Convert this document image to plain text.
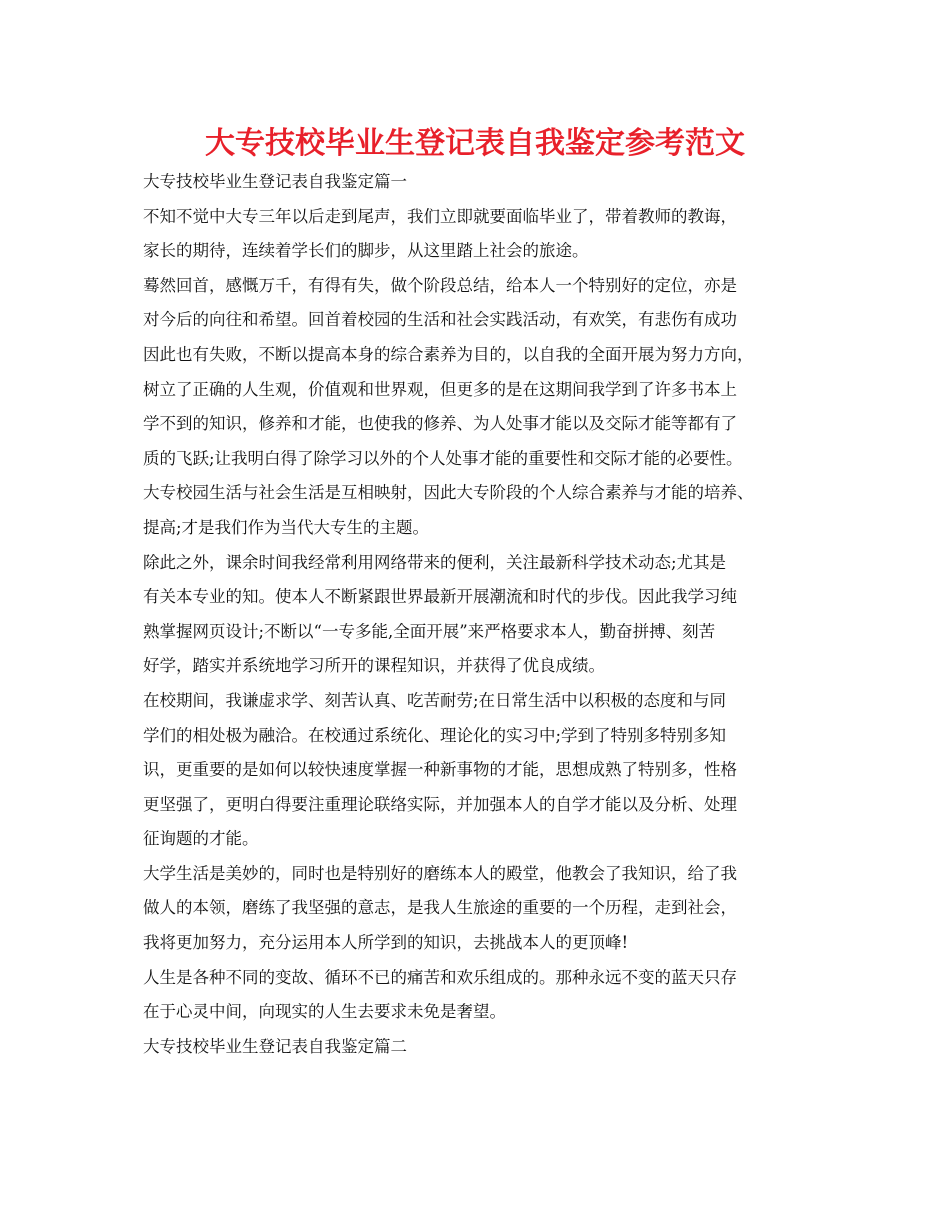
大专技校毕业生登记表自我鉴定参考范文
大专技校毕业生登记表自我鉴定篇一
不知不觉中大专三年以后走到尾声，我们立即就要面临毕业了，带着教师的教诲，
家长的期待，连续着学长们的脚步，从这里踏上社会的旅途。
蓦然回首，感慨万千，有得有失，做个阶段总结，给本人一个特别好的定位，亦是
对今后的向往和希望。回首着校园的生活和社会实践活动，有欢笑，有悲伤有成功
因此也有失败，不断以提高本身的综合素养为目的，以自我的全面开展为努力方向，
树立了正确的人生观，价值观和世界观，但更多的是在这期间我学到了许多书本上
学不到的知识，修养和才能，也使我的修养、为人处事才能以及交际才能等都有了
质的飞跃;让我明白得了除学习以外的个人处事才能的重要性和交际才能的必要性。
大专校园生活与社会生活是互相映射，因此大专阶段的个人综合素养与才能的培养、
提高;才是我们作为当代大专生的主题。
除此之外，课余时间我经常利用网络带来的便利，关注最新科学技术动态;尤其是
有关本专业的知。使本人不断紧跟世界最新开展潮流和时代的步伐。因此我学习纯
熟掌握网页设计;不断以“一专多能,全面开展”来严格要求本人，勤奋拼搏、刻苦
好学，踏实并系统地学习所开的课程知识，并获得了优良成绩。
在校期间，我谦虚求学、刻苦认真、吃苦耐劳;在日常生活中以积极的态度和与同
学们的相处极为融洽。在校通过系统化、理论化的实习中;学到了特别多特别多知
识，更重要的是如何以较快速度掌握一种新事物的才能，思想成熟了特别多，性格
更坚强了，更明白得要注重理论联络实际，并加强本人的自学才能以及分析、处理
征询题的才能。
大学生活是美妙的，同时也是特别好的磨练本人的殿堂，他教会了我知识，给了我
做人的本领，磨练了我坚强的意志，是我人生旅途的重要的一个历程，走到社会，
我将更加努力，充分运用本人所学到的知识，去挑战本人的更顶峰!
人生是各种不同的变故、循环不已的痛苦和欢乐组成的。那种永远不变的蓝天只存
在于心灵中间，向现实的人生去要求未免是奢望。
大专技校毕业生登记表自我鉴定篇二
